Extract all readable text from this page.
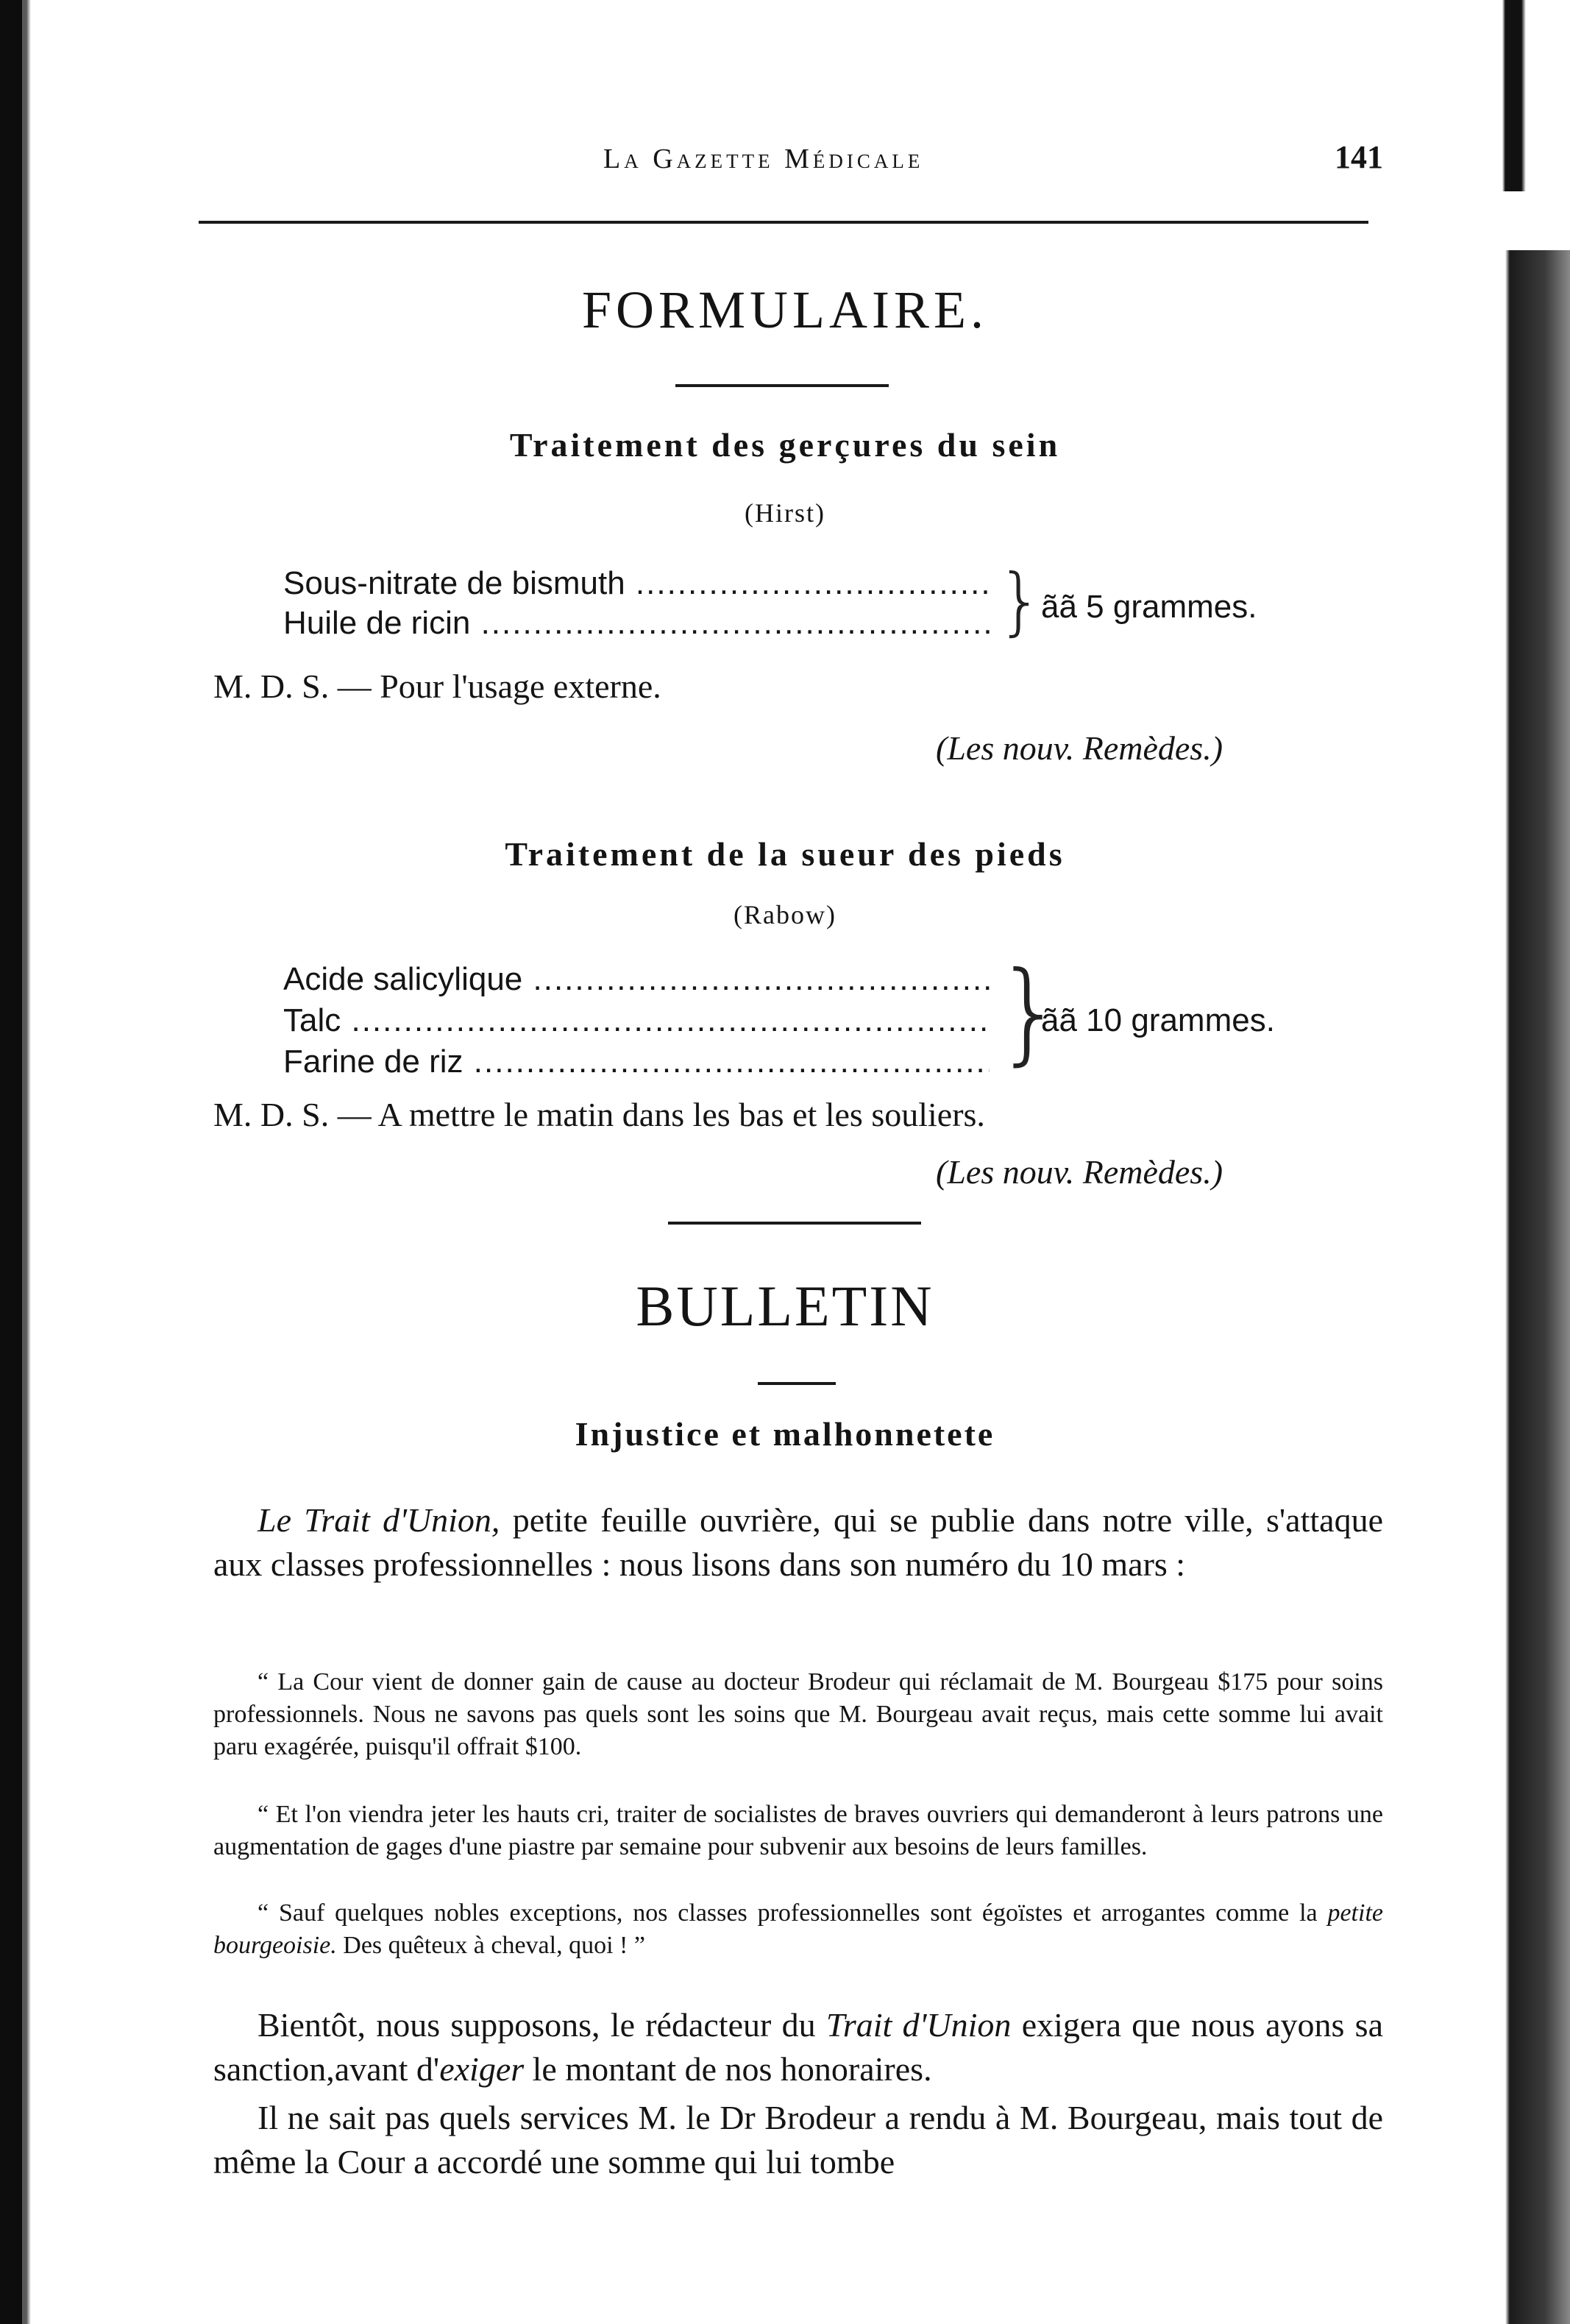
La Gazette Médicale	141
FORMULAIRE.
Traitement des gerçures du sein
(Hirst)
Sous-nitrate de bismuth .....
Huile de ricin .....	}
ãã 5 grammes.
M. D. S. — Pour l'usage externe.
(Les nouv. Remèdes.)
Traitement de la sueur des pieds
(Rabow)
Acide salicylique .....
Talc .....
Farine de riz .....	}
ãã 10 grammes.
M. D. S. — A mettre le matin dans les bas et les souliers.
(Les nouv. Remèdes.)
BULLETIN
Injustice et malhonnetete
Le Trait d'Union, petite feuille ouvrière, qui se publie dans notre ville, s'attaque aux classes professionnelles : nous lisons dans son numéro du 10 mars :
“ La Cour vient de donner gain de cause au docteur Brodeur qui réclamait de M. Bourgeau $175 pour soins professionnels. Nous ne savons pas quels sont les soins que M. Bourgeau avait reçus, mais cette somme lui avait paru exagérée, puisqu'il offrait $100.
“ Et l'on viendra jeter les hauts cri, traiter de socialistes de braves ouvriers qui demanderont à leurs patrons une augmentation de gages d'une piastre par semaine pour subvenir aux besoins de leurs familles.
“ Sauf quelques nobles exceptions, nos classes professionnelles sont égoïstes et arrogantes comme la petite bourgeoisie. Des quêteux à cheval, quoi ! ”
Bientôt, nous supposons, le rédacteur du Trait d'Union exigera que nous ayons sa sanction,avant d'exiger le montant de nos honoraires.
Il ne sait pas quels services M. le Dr Brodeur a rendu à M. Bourgeau, mais tout de même la Cour a accordé une somme qui lui tombe
